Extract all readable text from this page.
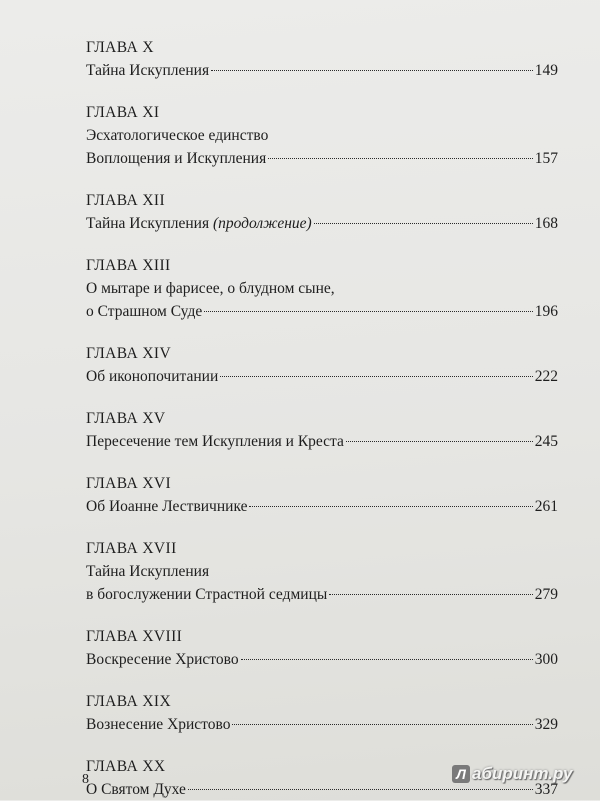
ГЛАВА X
Тайна Искупления	149
ГЛАВА XI
Эсхатологическое единство
Воплощения и Искупления	157
ГЛАВА XII
Тайна Искупления (продолжение)	168
ГЛАВА XIII
О мытаре и фарисее, о блудном сыне,
о Страшном Суде	196
ГЛАВА XIV
Об иконопочитании	222
ГЛАВА XV
Пересечение тем Искупления и Креста	245
ГЛАВА XVI
Об Иоанне Лествичнике	261
ГЛАВА XVII
Тайна Искупления
в богослужении Страстной седмицы	279
ГЛАВА XVIII
Воскресение Христово	300
ГЛАВА XIX
Вознесение Христово	329
ГЛАВА XX
О Святом Духе	337
8	Л абиринт.ру
